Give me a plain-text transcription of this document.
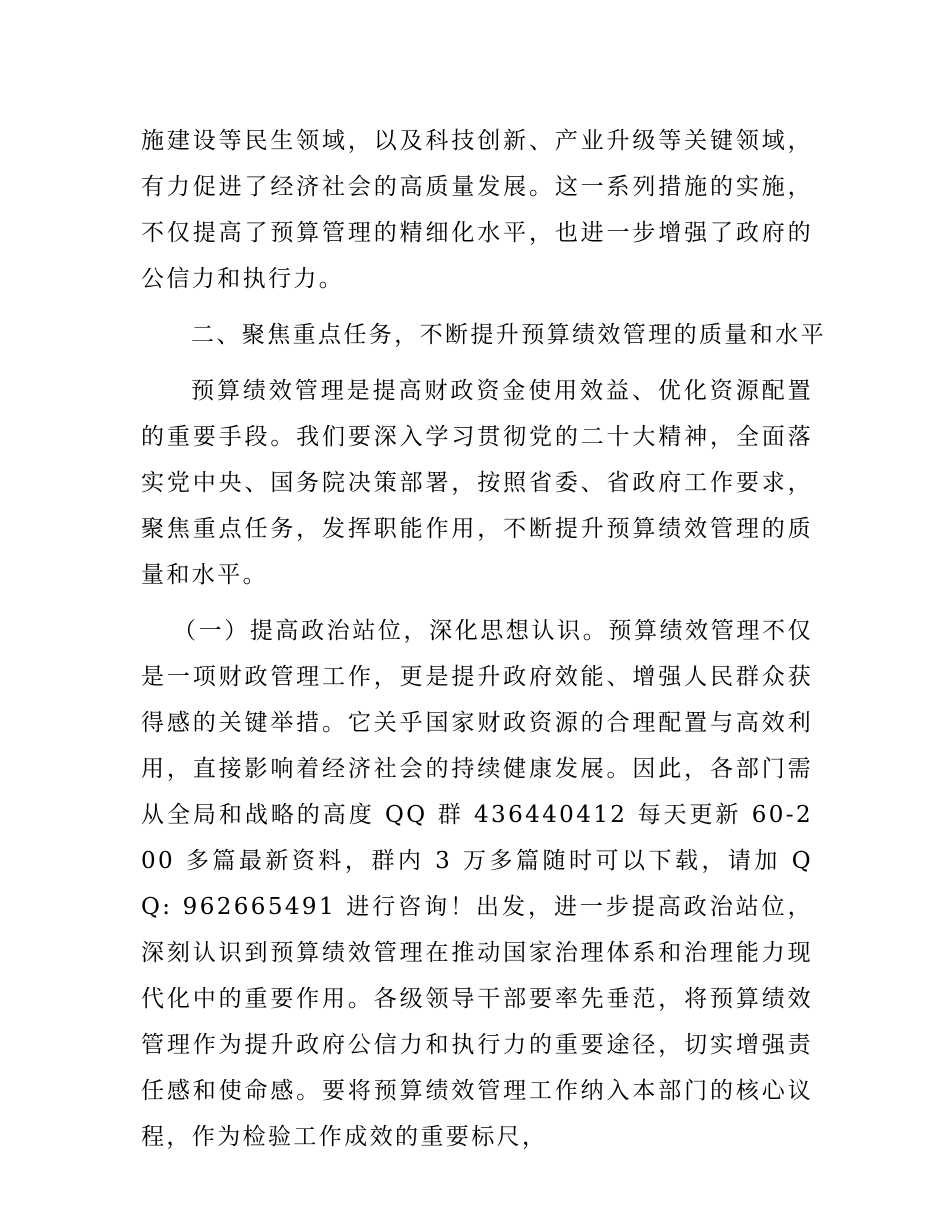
施建设等民生领域，以及科技创新、产业升级等关键领域，有力促进了经济社会的高质量发展。这一系列措施的实施，不仅提高了预算管理的精细化水平，也进一步增强了政府的公信力和执行力。

二、聚焦重点任务，不断提升预算绩效管理的质量和水平

预算绩效管理是提高财政资金使用效益、优化资源配置的重要手段。我们要深入学习贯彻党的二十大精神，全面落实党中央、国务院决策部署，按照省委、省政府工作要求，聚焦重点任务，发挥职能作用，不断提升预算绩效管理的质量和水平。

（一）提高政治站位，深化思想认识。预算绩效管理不仅是一项财政管理工作，更是提升政府效能、增强人民群众获得感的关键举措。它关乎国家财政资源的合理配置与高效利用，直接影响着经济社会的持续健康发展。因此，各部门需从全局和战略的高度 QQ 群 436440412 每天更新 60-200 多篇最新资料，群内 3 万多篇随时可以下载，请加 QQ: 962665491 进行咨询！出发，进一步提高政治站位，深刻认识到预算绩效管理在推动国家治理体系和治理能力现代化中的重要作用。各级领导干部要率先垂范，将预算绩效管理作为提升政府公信力和执行力的重要途径，切实增强责任感和使命感。要将预算绩效管理工作纳入本部门的核心议程，作为检验工作成效的重要标尺，
